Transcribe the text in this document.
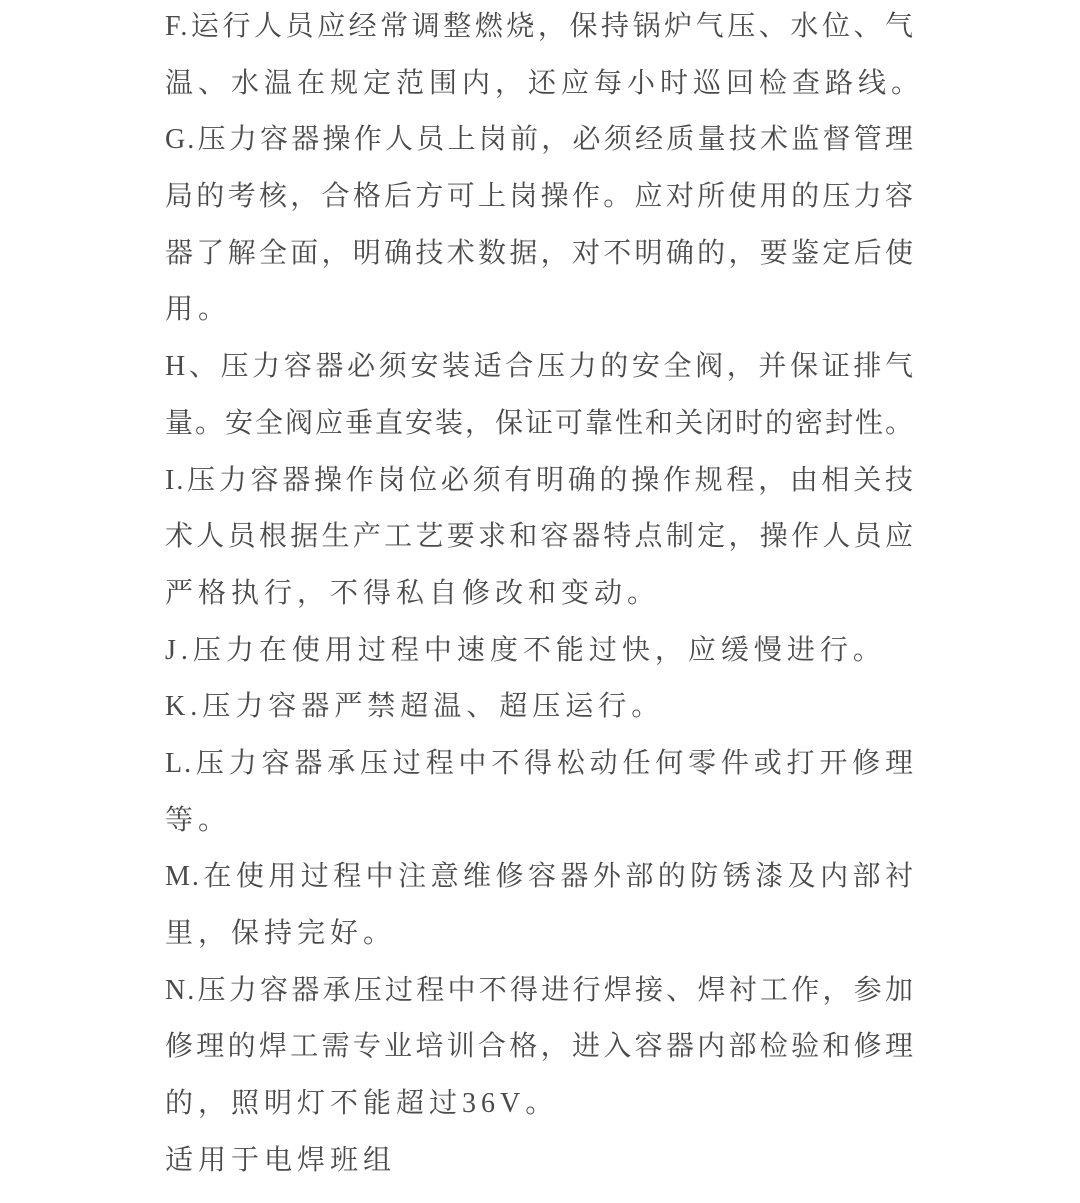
F.运行人员应经常调整燃烧，保持锅炉气压、水位、气
温、水温在规定范围内，还应每小时巡回检查路线。
G.压力容器操作人员上岗前，必须经质量技术监督管理
局的考核，合格后方可上岗操作。应对所使用的压力容
器了解全面，明确技术数据，对不明确的，要鉴定后使
用。
H、压力容器必须安装适合压力的安全阀，并保证排气
量。安全阀应垂直安装，保证可靠性和关闭时的密封性。
I.压力容器操作岗位必须有明确的操作规程，由相关技
术人员根据生产工艺要求和容器特点制定，操作人员应
严格执行，不得私自修改和变动。
J.压力在使用过程中速度不能过快，应缓慢进行。
K.压力容器严禁超温、超压运行。
L.压力容器承压过程中不得松动任何零件或打开修理
等。
M.在使用过程中注意维修容器外部的防锈漆及内部衬
里，保持完好。
N.压力容器承压过程中不得进行焊接、焊衬工作，参加
修理的焊工需专业培训合格，进入容器内部检验和修理
的，照明灯不能超过36V。
适用于电焊班组
